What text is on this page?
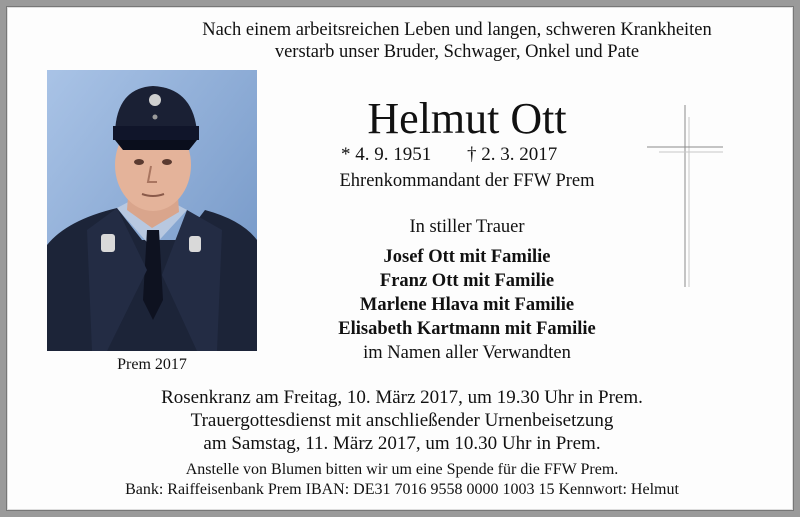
Nach einem arbeitsreichen Leben und langen, schweren Krankheiten
verstarb unser Bruder, Schwager, Onkel und Pate
Prem 2017
Helmut Ott
* 4. 9. 1951 † 2. 3. 2017
Ehrenkommandant der FFW Prem
In stiller Trauer
Josef Ott mit Familie
Franz Ott mit Familie
Marlene Hlava mit Familie
Elisabeth Kartmann mit Familie
im Namen aller Verwandten
Rosenkranz am Freitag, 10. März 2017, um 19.30 Uhr in Prem.
Trauergottesdienst mit anschließender Urnenbeisetzung
am Samstag, 11. März 2017, um 10.30 Uhr in Prem.
Anstelle von Blumen bitten wir um eine Spende für die FFW Prem.
Bank: Raiffeisenbank Prem IBAN: DE31 7016 9558 0000 1003 15 Kennwort: Helmut
